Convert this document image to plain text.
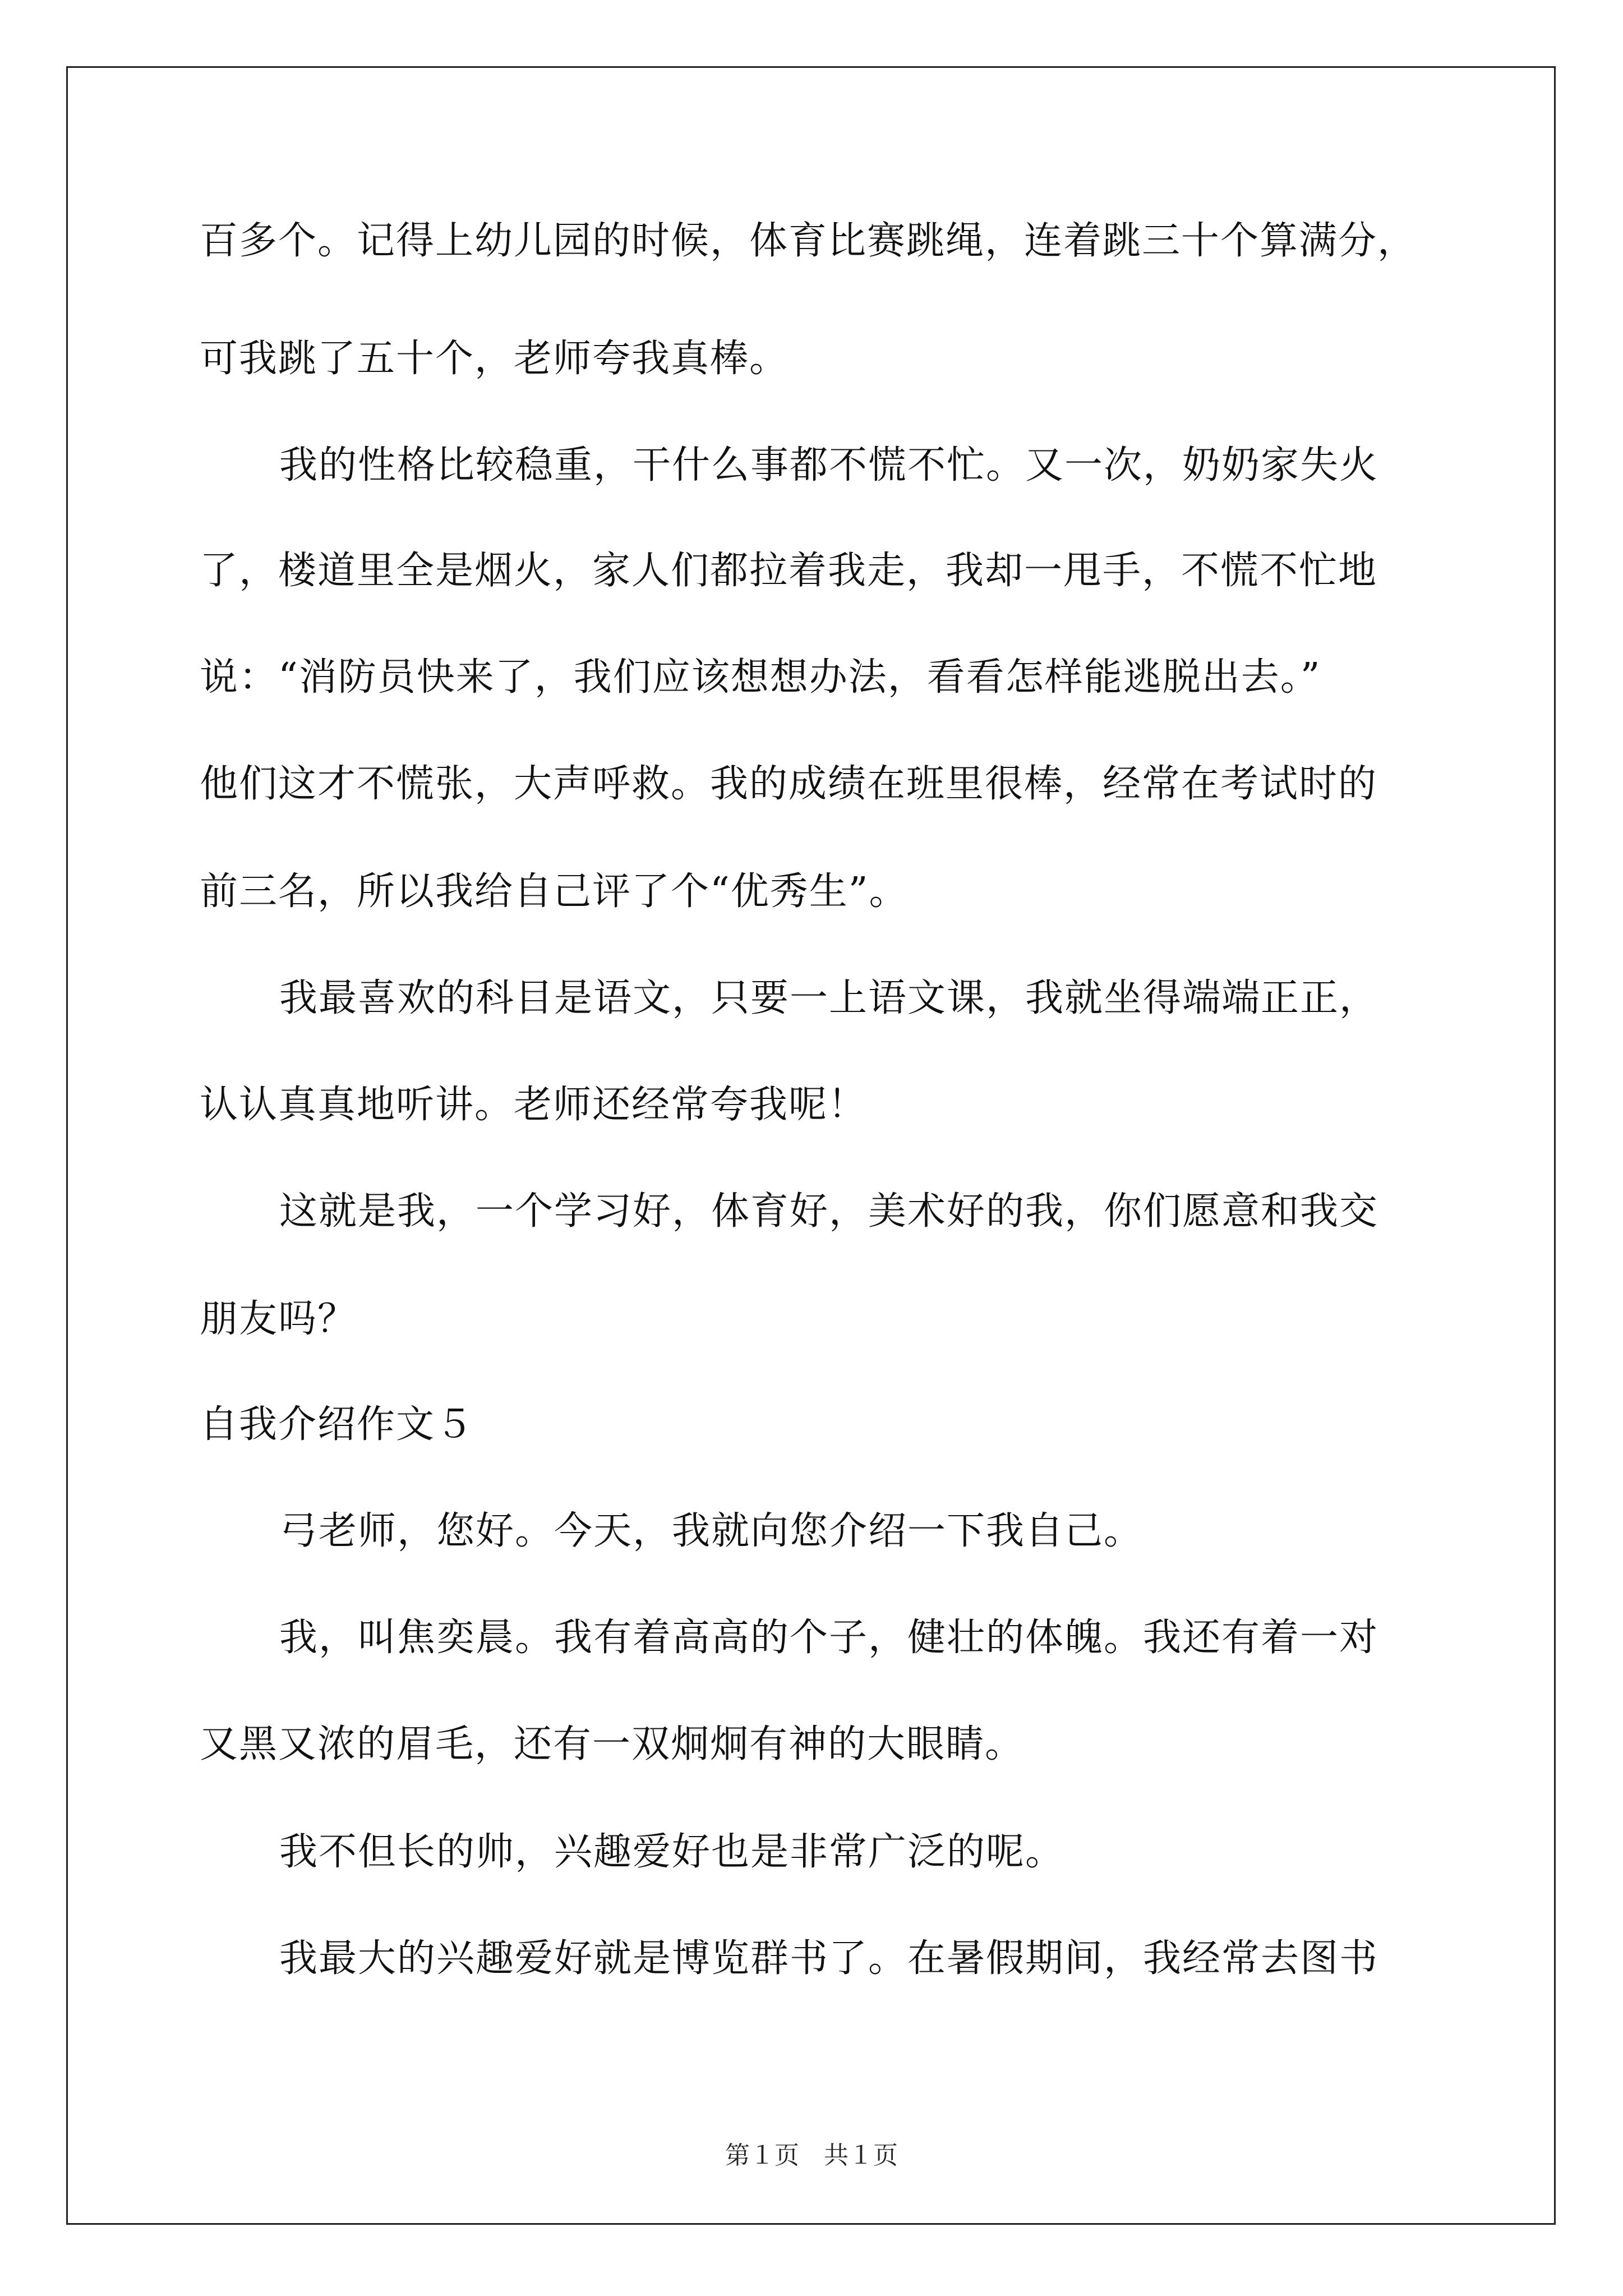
百多个。记得上幼儿园的时候，体育比赛跳绳，连着跳三十个算满分，
可我跳了五十个，老师夸我真棒。
我的性格比较稳重，干什么事都不慌不忙。又一次，奶奶家失火
了，楼道里全是烟火，家人们都拉着我走，我却一甩手，不慌不忙地
说：“消防员快来了，我们应该想想办法，看看怎样能逃脱出去。”
他们这才不慌张，大声呼救。我的成绩在班里很棒，经常在考试时的
前三名，所以我给自己评了个“优秀生”。
我最喜欢的科目是语文，只要一上语文课，我就坐得端端正正，
认认真真地听讲。老师还经常夸我呢！
这就是我，一个学习好，体育好，美术好的我，你们愿意和我交
朋友吗？
自我介绍作文５
弓老师，您好。今天，我就向您介绍一下我自己。
我，叫焦奕晨。我有着高高的个子，健壮的体魄。我还有着一对
又黑又浓的眉毛，还有一双炯炯有神的大眼睛。
我不但长的帅，兴趣爱好也是非常广泛的呢。
我最大的兴趣爱好就是博览群书了。在暑假期间，我经常去图书
第１页　共１页
